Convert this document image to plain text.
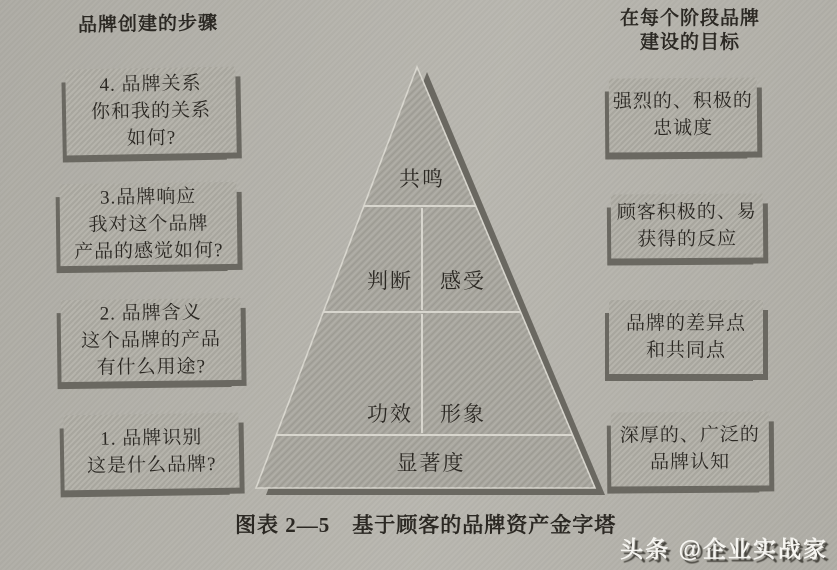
品牌创建的步骤	在每个阶段品牌
建设的目标
4. 品牌关系
你和我的关系
如何?
3.品牌响应
我对这个品牌
产品的感觉如何?
2. 品牌含义
这个品牌的产品
有什么用途?
1. 品牌识别
这是什么品牌?
强烈的、积极的
忠诚度
顾客积极的、易
获得的反应
品牌的差异点
和共同点
深厚的、广泛的
品牌认知
共鸣
判断 感受
功效 形象
显著度
图表 2—5 基于顾客的品牌资产金字塔
头条 @企业实战家
